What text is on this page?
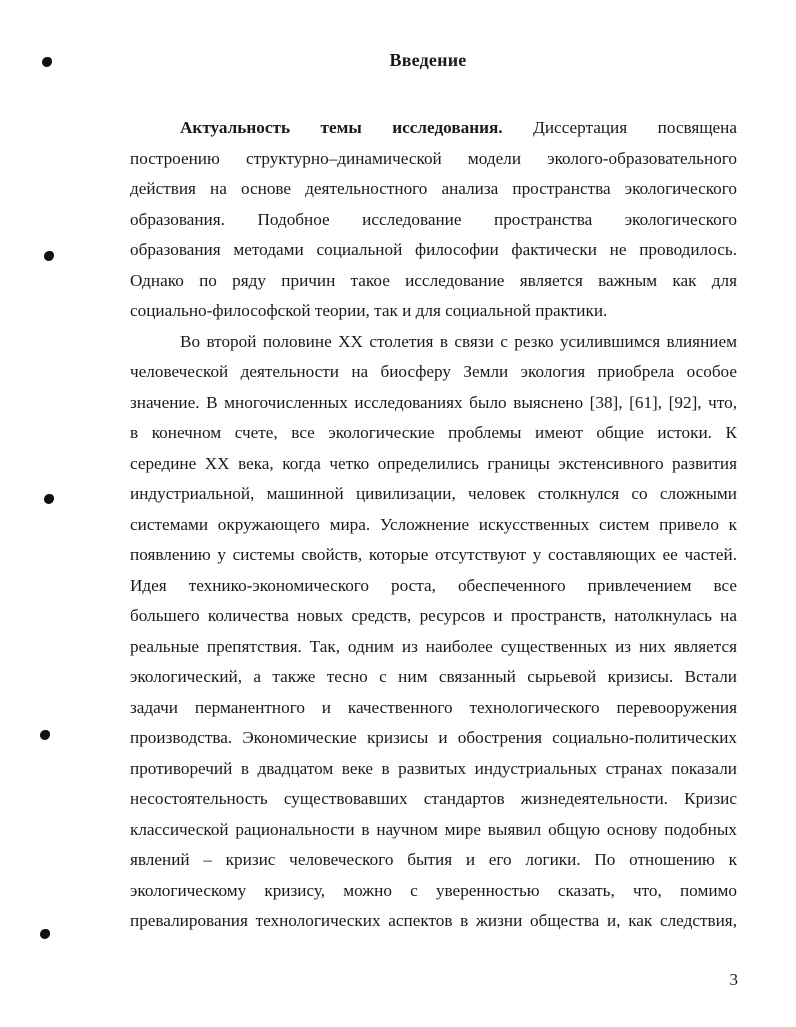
Введение
Актуальность темы исследования. Диссертация посвящена
построению структурно–динамической модели эколого-образовательного
действия на основе деятельностного анализа пространства экологического
образования. Подобное исследование пространства экологического
образования методами социальной философии фактически не проводилось.
Однако по ряду причин такое исследование является важным как для
социально-философской теории, так и для социальной практики.
Во второй половине XX столетия в связи с резко усилившимся влиянием
человеческой деятельности на биосферу Земли экология приобрела особое
значение. В многочисленных исследованиях было выяснено [38], [61], [92], что,
в конечном счете, все экологические проблемы имеют общие истоки. К
середине XX века, когда четко определились границы экстенсивного развития
индустриальной, машинной цивилизации, человек столкнулся со сложными
системами окружающего мира. Усложнение искусственных систем привело к
появлению у системы свойств, которые отсутствуют у составляющих ее частей.
Идея технико-экономического роста, обеспеченного привлечением все
большего количества новых средств, ресурсов и пространств, натолкнулась на
реальные препятствия. Так, одним из наиболее существенных из них является
экологический, а также тесно с ним связанный сырьевой кризисы. Встали
задачи перманентного и качественного технологического перевооружения
производства. Экономические кризисы и обострения социально-политических
противоречий в двадцатом веке в развитых индустриальных странах показали
несостоятельность существовавших стандартов жизнедеятельности. Кризис
классической рациональности в научном мире выявил общую основу подобных
явлений – кризис человеческого бытия и его логики. По отношению к
экологическому кризису, можно с уверенностью сказать, что, помимо
превалирования технологических аспектов в жизни общества и, как следствия,
3
